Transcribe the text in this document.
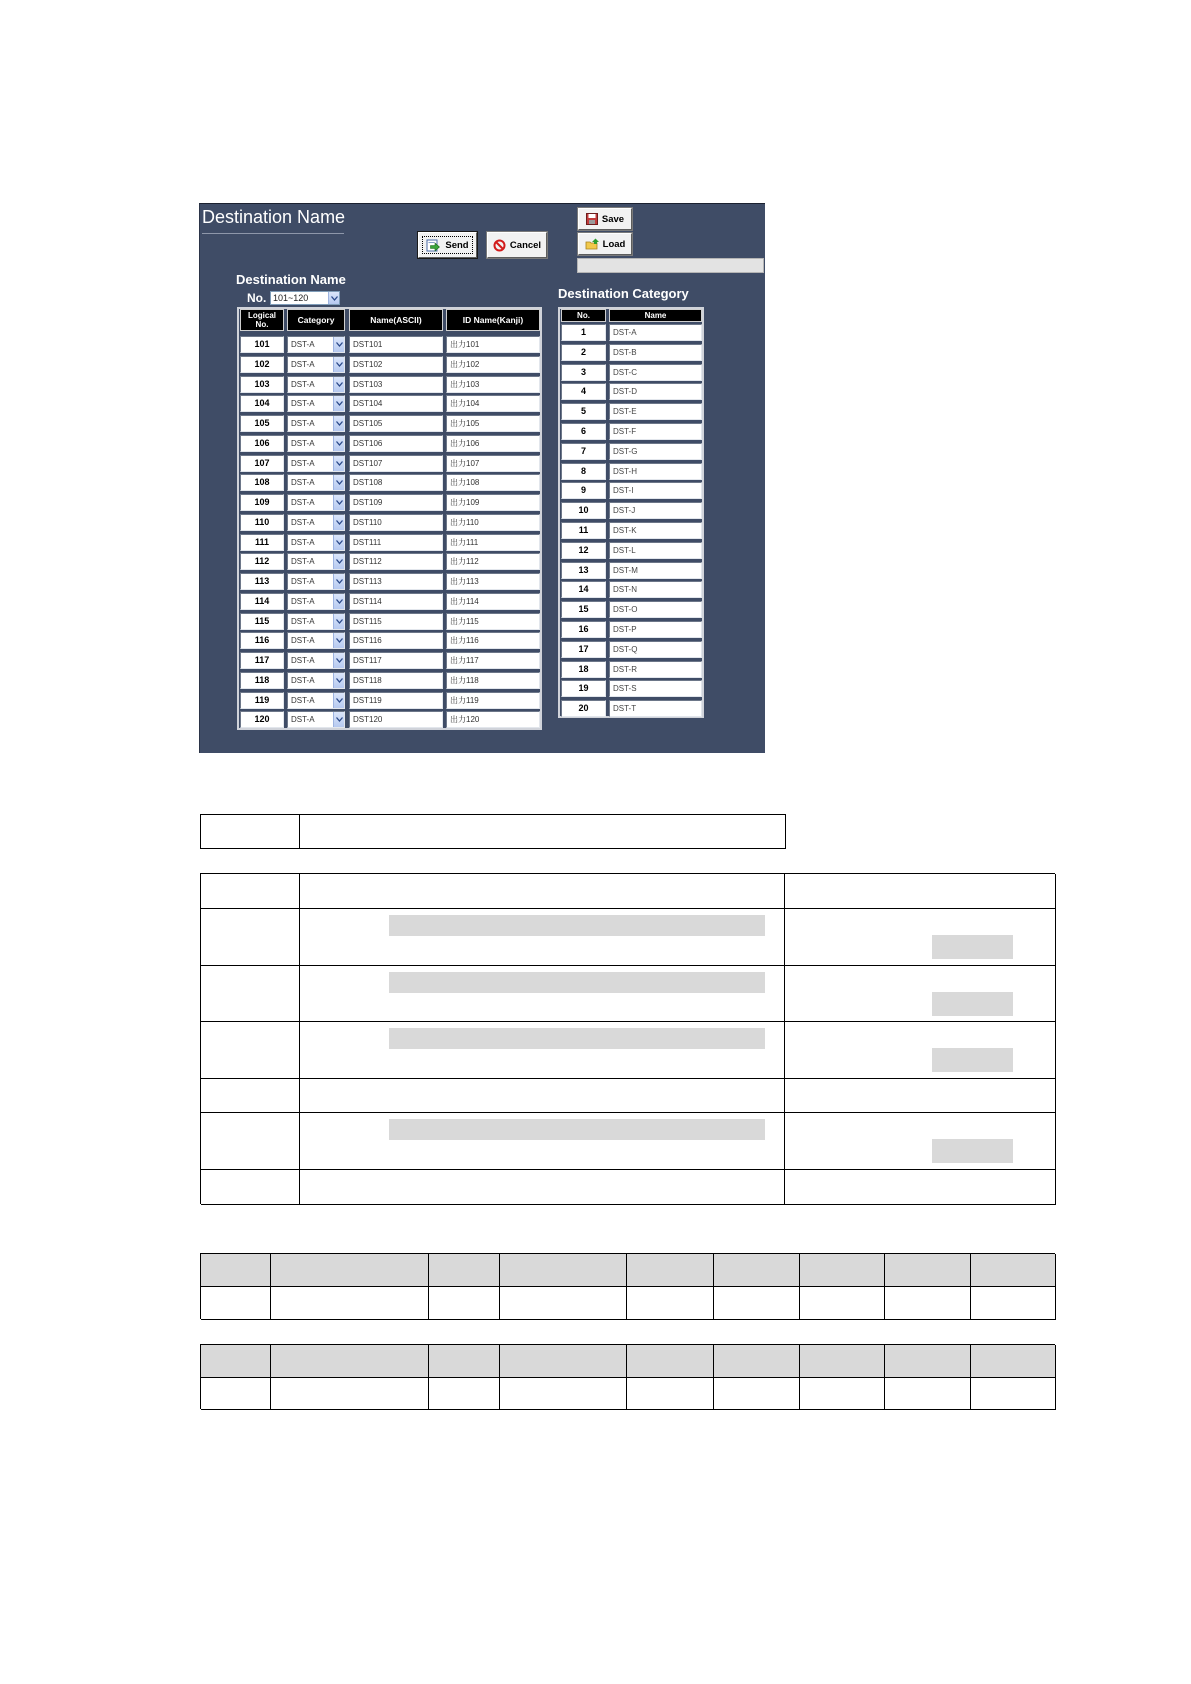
Destination Name
Send	Cancel
Save
Load
Destination Name
No. 101~120	Destination Category
Logical
No.	Category	Name(ASCII)	ID Name(Kanji)
101	DST-A	DST101	出力101
102	DST-A	DST102	出力102
103	DST-A	DST103	出力103
104	DST-A	DST104	出力104
105	DST-A	DST105	出力105
106	DST-A	DST106	出力106
107	DST-A	DST107	出力107
108	DST-A	DST108	出力108
109	DST-A	DST109	出力109
110	DST-A	DST110	出力110
111	DST-A	DST111	出力111
112	DST-A	DST112	出力112
113	DST-A	DST113	出力113
114	DST-A	DST114	出力114
115	DST-A	DST115	出力115
116	DST-A	DST116	出力116
117	DST-A	DST117	出力117
118	DST-A	DST118	出力118
119	DST-A	DST119	出力119
120	DST-A	DST120	出力120
No.	Name
1	DST-A
2	DST-B
3	DST-C
4	DST-D
5	DST-E
6	DST-F
7	DST-G
8	DST-H
9	DST-I
10	DST-J
11	DST-K
12	DST-L
13	DST-M
14	DST-N
15	DST-O
16	DST-P
17	DST-Q
18	DST-R
19	DST-S
20	DST-T
